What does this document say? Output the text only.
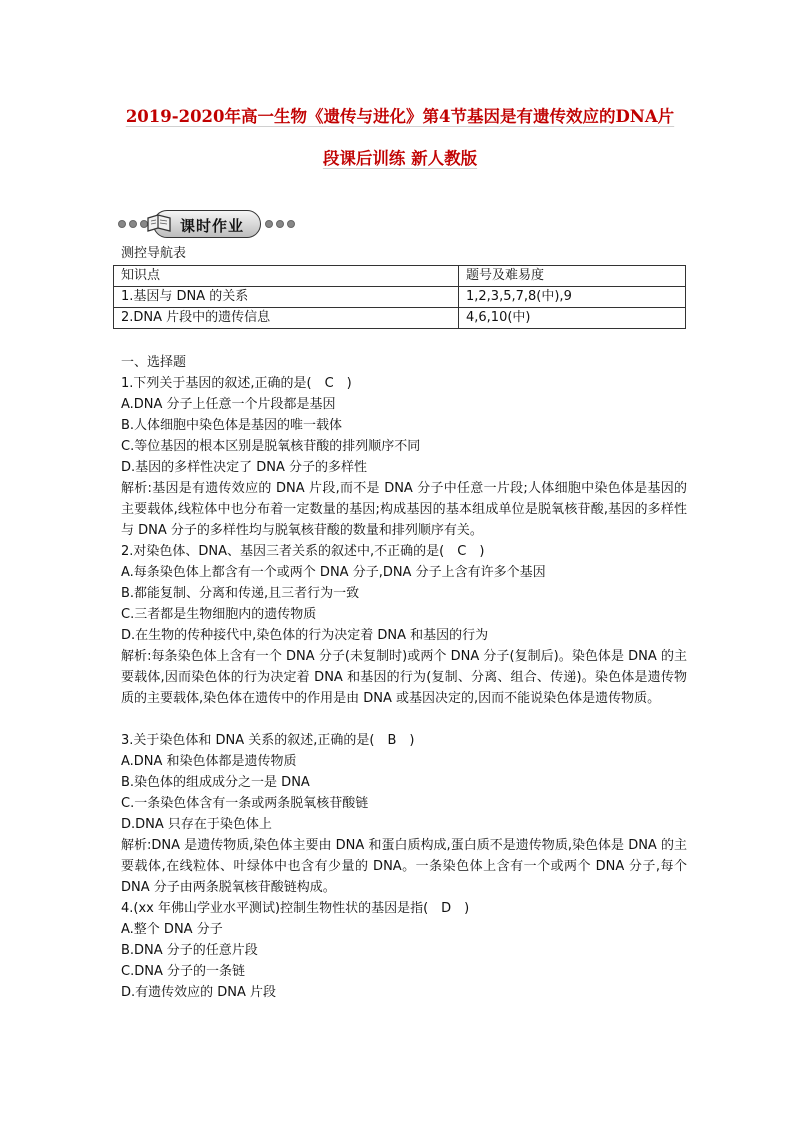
2019-2020年高一生物《遗传与进化》第4节基因是有遗传效应的DNA片
段课后训练 新人教版
课时作业
测控导航表
知识点	题号及难易度
1.基因与 DNA 的关系	1,2,3,5,7,8(中),9
2.DNA 片段中的遗传信息	4,6,10(中)
一、选择题
1.下列关于基因的叙述,正确的是(　C　)
A.DNA 分子上任意一个片段都是基因
B.人体细胞中染色体是基因的唯一载体
C.等位基因的根本区别是脱氧核苷酸的排列顺序不同
D.基因的多样性决定了 DNA 分子的多样性
解析:基因是有遗传效应的 DNA 片段,而不是 DNA 分子中任意一片段;人体细胞中染色体是基因的主要载体,线粒体中也分布着一定数量的基因;构成基因的基本组成单位是脱氧核苷酸,基因的多样性与 DNA 分子的多样性均与脱氧核苷酸的数量和排列顺序有关。
2.对染色体、DNA、基因三者关系的叙述中,不正确的是(　C　)
A.每条染色体上都含有一个或两个 DNA 分子,DNA 分子上含有许多个基因
B.都能复制、分离和传递,且三者行为一致
C.三者都是生物细胞内的遗传物质
D.在生物的传种接代中,染色体的行为决定着 DNA 和基因的行为
解析:每条染色体上含有一个 DNA 分子(未复制时)或两个 DNA 分子(复制后)。染色体是 DNA 的主要载体,因而染色体的行为决定着 DNA 和基因的行为(复制、分离、组合、传递)。染色体是遗传物质的主要载体,染色体在遗传中的作用是由 DNA 或基因决定的,因而不能说染色体是遗传物质。
3.关于染色体和 DNA 关系的叙述,正确的是(　B　)
A.DNA 和染色体都是遗传物质
B.染色体的组成成分之一是 DNA
C.一条染色体含有一条或两条脱氧核苷酸链
D.DNA 只存在于染色体上
解析:DNA 是遗传物质,染色体主要由 DNA 和蛋白质构成,蛋白质不是遗传物质,染色体是 DNA 的主要载体,在线粒体、叶绿体中也含有少量的 DNA。一条染色体上含有一个或两个 DNA 分子,每个 DNA 分子由两条脱氧核苷酸链构成。
4.(xx 年佛山学业水平测试)控制生物性状的基因是指(　D　)
A.整个 DNA 分子
B.DNA 分子的任意片段
C.DNA 分子的一条链
D.有遗传效应的 DNA 片段
